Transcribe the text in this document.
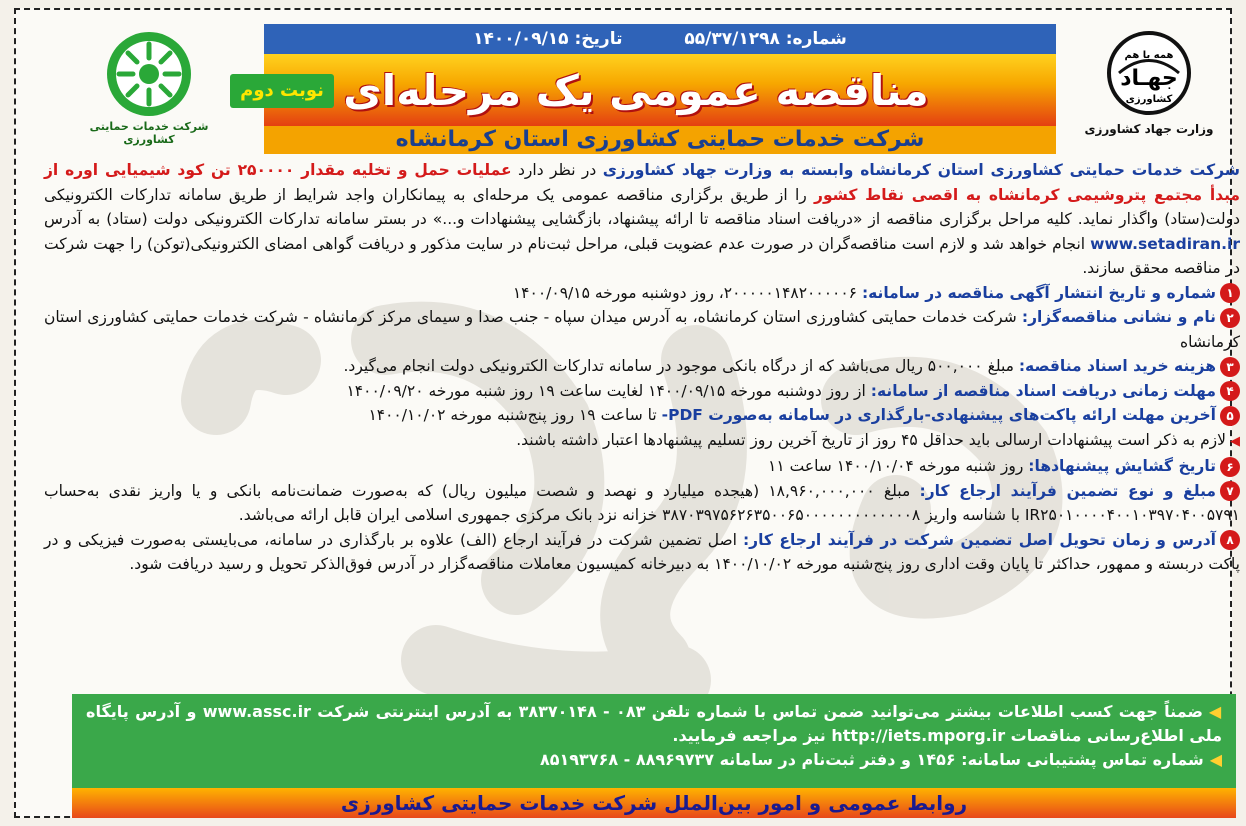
شماره: ۵۵/۳۷/۱۲۹۸ تاریخ: ۱۴۰۰/۰۹/۱۵
مناقصه عمومی یک مرحله‌ای
نوبت دوم
شرکت خدمات حمایتی کشاورزی استان کرمانشاه
شرکت خدمات حمایتی کشاورزی
همه با هم
جهـاد
کشاورزی
وزارت جهاد کشاورزی

شرکت خدمات حمایتی کشاورزی استان کرمانشاه وابسته به وزارت جهاد کشاورزی در نظر دارد عملیات حمل و تخلیه مقدار ۲۵۰۰۰۰ تن کود شیمیایی اوره از مبدأ مجتمع پتروشیمی کرمانشاه به اقصی نقاط کشور را از طریق برگزاری مناقصه عمومی یک مرحله‌ای به پیمانکاران واجد شرایط از طریق سامانه تدارکات الکترونیکی دولت(ستاد) واگذار نماید. کلیه مراحل برگزاری مناقصه از «دریافت اسناد مناقصه تا ارائه پیشنهاد، بازگشایی پیشنهادات و...» در بستر سامانه تدارکات الکترونیکی دولت (ستاد) به آدرس www.setadiran.ir انجام خواهد شد و لازم است مناقصه‌گران در صورت عدم عضویت قبلی، مراحل ثبت‌نام در سایت مذکور و دریافت گواهی امضای الکترونیکی(توکن) را جهت شرکت در مناقصه محقق سازند.

۱شماره و تاریخ انتشار آگهی مناقصه در سامانه: ۲۰۰۰۰۰۱۴۸۲۰۰۰۰۰۶، روز دوشنبه مورخه ۱۴۰۰/۰۹/۱۵

۲نام و نشانی مناقصه‌گزار: شرکت خدمات حمایتی کشاورزی استان کرمانشاه، به آدرس میدان سپاه - جنب صدا و سیمای مرکز کرمانشاه - شرکت خدمات حمایتی کشاورزی استان کرمانشاه

۳هزینه خرید اسناد مناقصه: مبلغ ۵۰۰,۰۰۰ ریال می‌باشد که از درگاه بانکی موجود در سامانه تدارکات الکترونیکی دولت انجام می‌گیرد.

۴مهلت زمانی دریافت اسناد مناقصه از سامانه: از روز دوشنبه مورخه ۱۴۰۰/۰۹/۱۵ لغایت ساعت ۱۹ روز شنبه مورخه ۱۴۰۰/۰۹/۲۰

۵آخرین مهلت ارائه پاکت‌های پیشنهادی-بارگذاری در سامانه به‌صورت PDF- تا ساعت ۱۹ روز پنج‌شنبه مورخه ۱۴۰۰/۱۰/۰۲

◀لازم به ذکر است پیشنهادات ارسالی باید حداقل ۴۵ روز از تاریخ آخرین روز تسلیم پیشنهادها اعتبار داشته باشند.

۶تاریخ گشایش پیشنهادها: روز شنبه مورخه ۱۴۰۰/۱۰/۰۴ ساعت ۱۱

۷مبلغ و نوع تضمین فرآیند ارجاع کار: مبلغ ۱۸,۹۶۰,۰۰۰,۰۰۰ (هیجده میلیارد و نهصد و شصت میلیون ریال) که به‌صورت ضمانت‌نامه بانکی و یا واریز نقدی به‌حساب IR۲۵۰۱۰۰۰۰۴۰۰۱۰۳۹۷۰۴۰۰۵۷۹۱ با شناسه واریز ۳۸۷۰۳۹۷۵۶۲۶۳۵۰۰۶۵۰۰۰۰۰۰۰۰۰۰۰۰۰۸ خزانه نزد بانک مرکزی جمهوری اسلامی ایران قابل ارائه می‌باشد.

۸آدرس و زمان تحویل اصل تضمین شرکت در فرآیند ارجاع کار: اصل تضمین شرکت در فرآیند ارجاع (الف) علاوه بر بارگذاری در سامانه، می‌بایستی به‌صورت فیزیکی و در پاکت دربسته و ممهور، حداکثر تا پایان وقت اداری روز پنج‌شنبه مورخه ۱۴۰۰/۱۰/۰۲ به دبیرخانه کمیسیون معاملات مناقصه‌گزار در آدرس فوق‌الذکر تحویل و رسید دریافت شود.

◀ضمناً جهت کسب اطلاعات بیشتر می‌توانید ضمن تماس با شماره تلفن ۰۸۳ - ۳۸۳۷۰۱۴۸ به آدرس اینترنتی شرکت www.assc.ir و آدرس پایگاه ملی اطلاع‌رسانی مناقصات http://iets.mporg.ir نیز مراجعه فرمایید.

◀شماره تماس پشتیبانی سامانه: ۱۴۵۶ و دفتر ثبت‌نام در سامانه ۸۸۹۶۹۷۳۷ - ۸۵۱۹۳۷۶۸

روابط عمومی و امور بین‌الملل شرکت خدمات حمایتی کشاورزی
